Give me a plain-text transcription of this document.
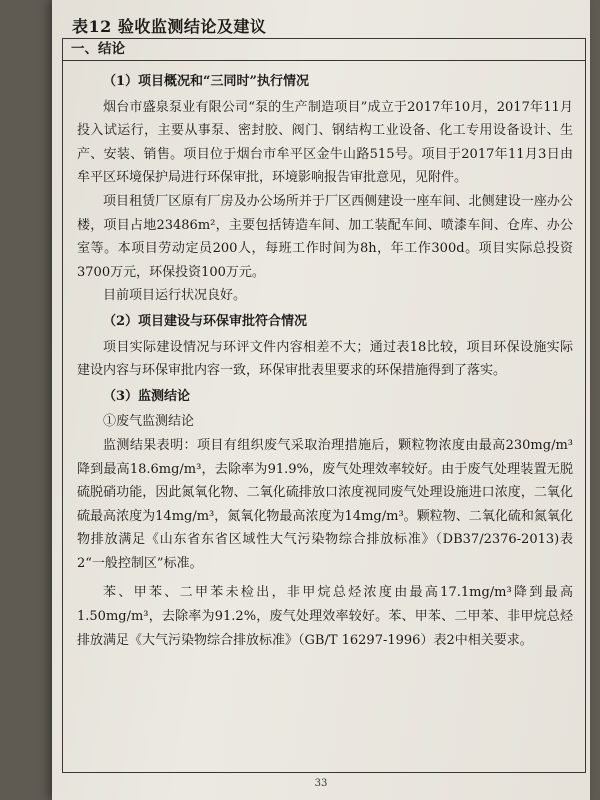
表12 验收监测结论及建议
一、结论

（1）项目概况和“三同时”执行情况

烟台市盛泉泵业有限公司“泵的生产制造项目”成立于2017年10月，2017年11月投入试运行，主要从事泵、密封胶、阀门、钢结构工业设备、化工专用设备设计、生产、安装、销售。项目位于烟台市牟平区金牛山路515号。项目于2017年11月3日由牟平区环境保护局进行环保审批，环境影响报告审批意见，见附件。

项目租赁厂区原有厂房及办公场所并于厂区西侧建设一座车间、北侧建设一座办公楼，项目占地23486m²，主要包括铸造车间、加工装配车间、喷漆车间、仓库、办公室等。本项目劳动定员200人，每班工作时间为8h，年工作300d。项目实际总投资3700万元，环保投资100万元。

目前项目运行状况良好。

（2）项目建设与环保审批符合情况

项目实际建设情况与环评文件内容相差不大；通过表18比较，项目环保设施实际建设内容与环保审批内容一致，环保审批表里要求的环保措施得到了落实。

（3）监测结论

①废气监测结论

监测结果表明：项目有组织废气采取治理措施后，颗粒物浓度由最高230mg/m³降到最高18.6mg/m³，去除率为91.9%，废气处理效率较好。由于废气处理装置无脱硫脱硝功能，因此氮氧化物、二氧化硫排放口浓度视同废气处理设施进口浓度，二氧化硫最高浓度为14mg/m³，氮氧化物最高浓度为14mg/m³。颗粒物、二氧化硫和氮氧化物排放满足《山东省东省区域性大气污染物综合排放标准》（DB37/2376-2013)表2“一般控制区”标准。

苯、甲苯、二甲苯未检出，非甲烷总烃浓度由最高17.1mg/m³降到最高1.50mg/m³，去除率为91.2%，废气处理效率较好。苯、甲苯、二甲苯、非甲烷总烃排放满足《大气污染物综合排放标准》（GB/T 16297-1996）表2中相关要求。

33
